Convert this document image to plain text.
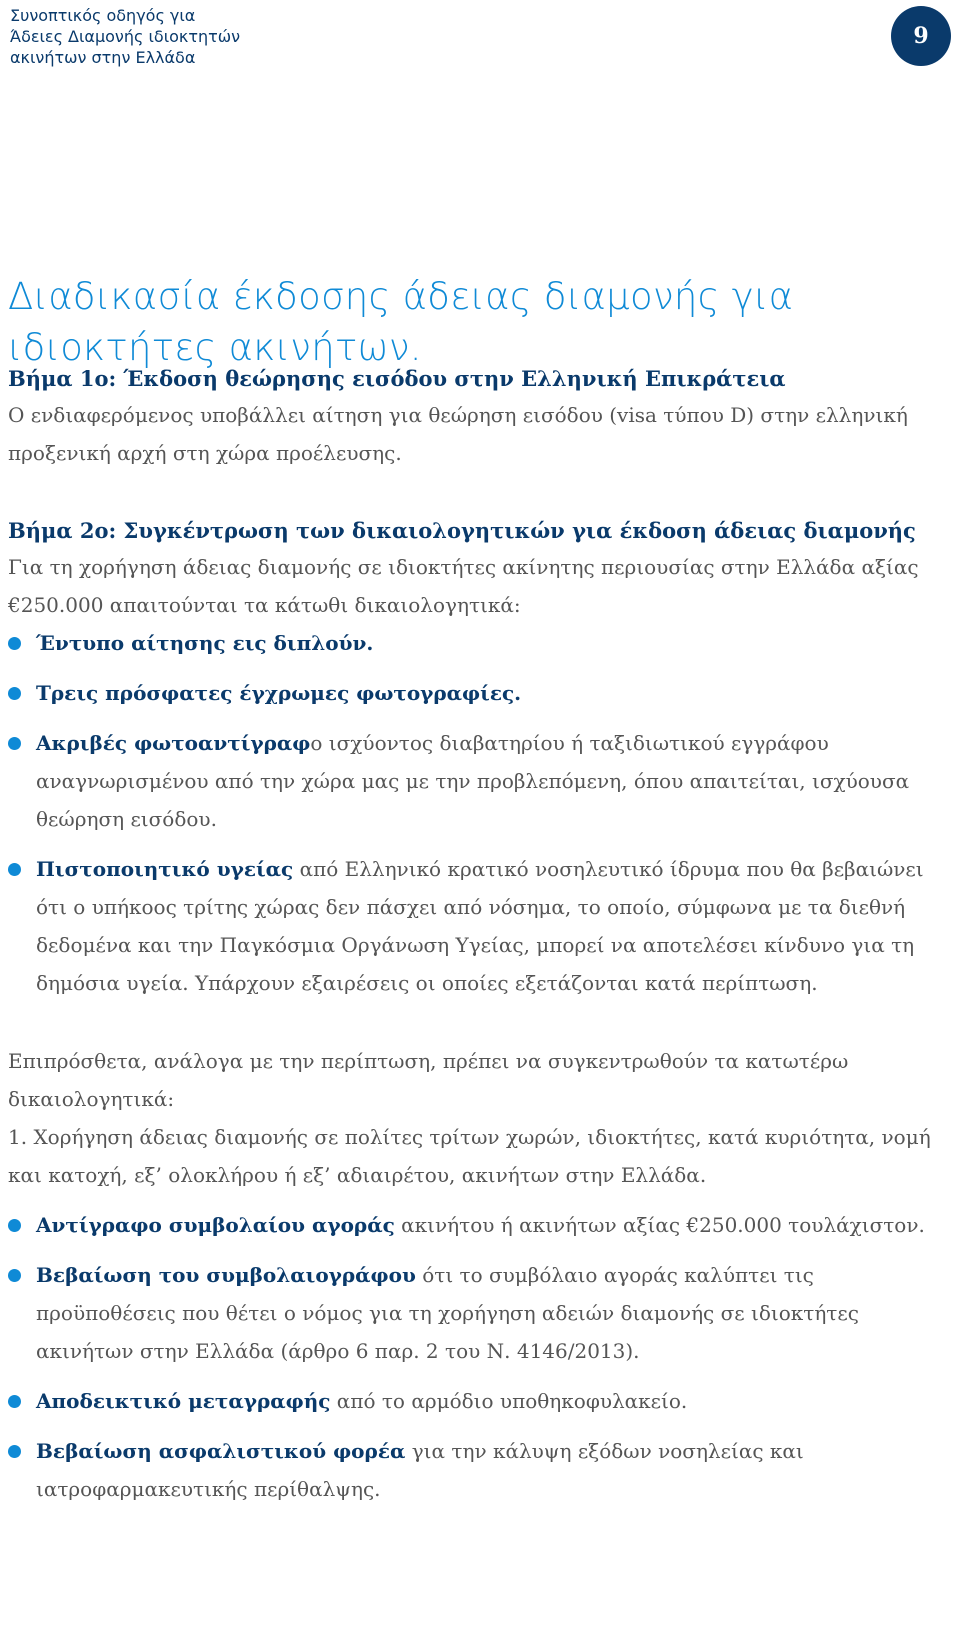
Συνοπτικός οδηγός για
Άδειες Διαμονής ιδιοκτητών
ακινήτων στην Ελλάδα
9
Διαδικασία έκδοσης άδειας διαμονής για ιδιοκτήτες ακινήτων.
Βήμα 1ο: Έκδοση θεώρησης εισόδου στην Ελληνική Επικράτεια

Ο ενδιαφερόμενος υποβάλλει αίτηση για θεώρηση εισόδου (visa τύπου D) στην ελληνική προξενική αρχή στη χώρα προέλευσης.

Βήμα 2ο: Συγκέντρωση των δικαιολογητικών για έκδοση άδειας διαμονής

Για τη χορήγηση άδειας διαμονής σε ιδιοκτήτες ακίνητης περιουσίας στην Ελλάδα αξίας €250.000 απαιτούνται τα κάτωθι δικαιολογητικά:

Έντυπο αίτησης εις διπλούν.
Τρεις πρόσφατες έγχρωμες φωτογραφίες.
Ακριβές φωτοαντίγραφο ισχύοντος διαβατηρίου ή ταξιδιωτικού εγγράφου αναγνωρισμένου από την χώρα μας με την προβλεπόμενη, όπου απαιτείται, ισχύουσα θεώρηση εισόδου.
Πιστοποιητικό υγείας από Ελληνικό κρατικό νοσηλευτικό ίδρυμα που θα βεβαιώνει ότι ο υπήκοος τρίτης χώρας δεν πάσχει από νόσημα, το οποίο, σύμφωνα με τα διεθνή δεδομένα και την Παγκόσμια Οργάνωση Υγείας, μπορεί να αποτελέσει κίνδυνο για τη δημόσια υγεία. Υπάρχουν εξαιρέσεις οι οποίες εξετάζονται κατά περίπτωση.

Επιπρόσθετα, ανάλογα με την περίπτωση, πρέπει να συγκεντρωθούν τα κατωτέρω δικαιολογητικά:

1. Χορήγηση άδειας διαμονής σε πολίτες τρίτων χωρών, ιδιοκτήτες, κατά κυριότητα, νομή και κατοχή, εξ’ ολοκλήρου ή εξ’ αδιαιρέτου, ακινήτων στην Ελλάδα.

Αντίγραφο συμβολαίου αγοράς ακινήτου ή ακινήτων αξίας €250.000 τουλάχιστον.
Βεβαίωση του συμβολαιογράφου ότι το συμβόλαιο αγοράς καλύπτει τις προϋποθέσεις που θέτει ο νόμος για τη χορήγηση αδειών διαμονής σε ιδιοκτήτες ακινήτων στην Ελλάδα (άρθρο 6 παρ. 2 του Ν. 4146/2013).
Αποδεικτικό μεταγραφής από το αρμόδιο υποθηκοφυλακείο.
Βεβαίωση ασφαλιστικού φορέα για την κάλυψη εξόδων νοσηλείας και ιατροφαρμακευτικής περίθαλψης.
